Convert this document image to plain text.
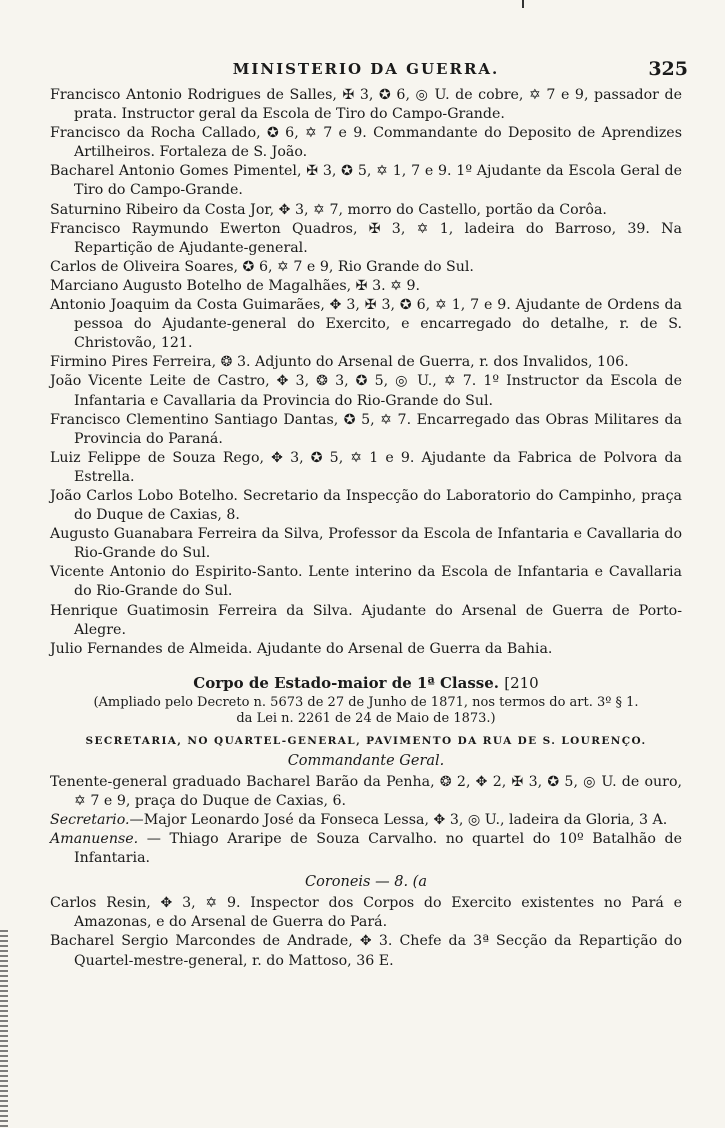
MINISTERIO DA GUERRA.	325
Francisco Antonio Rodrigues de Salles, ✠ 3, ✪ 6, ◎ U. de cobre, ✡ 7 e 9, passador de prata. Instructor geral da Escola de Tiro do Campo-Grande.
Francisco da Rocha Callado, ✪ 6, ✡ 7 e 9. Commandante do Deposito de Aprendizes Artilheiros. Fortaleza de S. João.
Bacharel Antonio Gomes Pimentel, ✠ 3, ✪ 5, ✡ 1, 7 e 9. 1º Ajudante da Escola Geral de Tiro do Campo-Grande.
Saturnino Ribeiro da Costa Jor, ✥ 3, ✡ 7, morro do Castello, portão da Corôa.
Francisco Raymundo Ewerton Quadros, ✠ 3, ✡ 1, ladeira do Barroso, 39. Na Repartição de Ajudante-general.
Carlos de Oliveira Soares, ✪ 6, ✡ 7 e 9, Rio Grande do Sul.
Marciano Augusto Botelho de Magalhães, ✠ 3. ✡ 9.
Antonio Joaquim da Costa Guimarães, ✥ 3, ✠ 3, ✪ 6, ✡ 1, 7 e 9. Ajudante de Ordens da pessoa do Ajudante-general do Exercito, e encarregado do detalhe, r. de S. Christovão, 121.
Firmino Pires Ferreira, ❂ 3. Adjunto do Arsenal de Guerra, r. dos Invalidos, 106.
João Vicente Leite de Castro, ✥ 3, ❂ 3, ✪ 5, ◎ U., ✡ 7. 1º Instructor da Escola de Infantaria e Cavallaria da Provincia do Rio-Grande do Sul.
Francisco Clementino Santiago Dantas, ✪ 5, ✡ 7. Encarregado das Obras Militares da Provincia do Paraná.
Luiz Felippe de Souza Rego, ✥ 3, ✪ 5, ✡ 1 e 9. Ajudante da Fabrica de Polvora da Estrella.
João Carlos Lobo Botelho. Secretario da Inspecção do Laboratorio do Campinho, praça do Duque de Caxias, 8.
Augusto Guanabara Ferreira da Silva, Professor da Escola de Infantaria e Cavallaria do Rio-Grande do Sul.
Vicente Antonio do Espirito-Santo. Lente interino da Escola de Infantaria e Cavallaria do Rio-Grande do Sul.
Henrique Guatimosin Ferreira da Silva. Ajudante do Arsenal de Guerra de Porto-Alegre.
Julio Fernandes de Almeida. Ajudante do Arsenal de Guerra da Bahia.
Corpo de Estado-maior de 1ª Classe. [210
(Ampliado pelo Decreto n. 5673 de 27 de Junho de 1871, nos termos do art. 3º § 1.
da Lei n. 2261 de 24 de Maio de 1873.)
SECRETARIA, NO QUARTEL-GENERAL, PAVIMENTO DA RUA DE S. LOURENÇO.
Commandante Geral.
Tenente-general graduado Bacharel Barão da Penha, ❂ 2, ✥ 2, ✠ 3, ✪ 5, ◎ U. de ouro, ✡ 7 e 9, praça do Duque de Caxias, 6.
Secretario.—Major Leonardo José da Fonseca Lessa, ✥ 3, ◎ U., ladeira da Gloria, 3 A.
Amanuense. — Thiago Araripe de Souza Carvalho. no quartel do 10º Batalhão de Infantaria.
Coroneis — 8. (a
Carlos Resin, ✥ 3, ✡ 9. Inspector dos Corpos do Exercito existentes no Pará e Amazonas, e do Arsenal de Guerra do Pará.
Bacharel Sergio Marcondes de Andrade, ✥ 3. Chefe da 3ª Secção da Repartição do Quartel-mestre-general, r. do Mattoso, 36 E.
